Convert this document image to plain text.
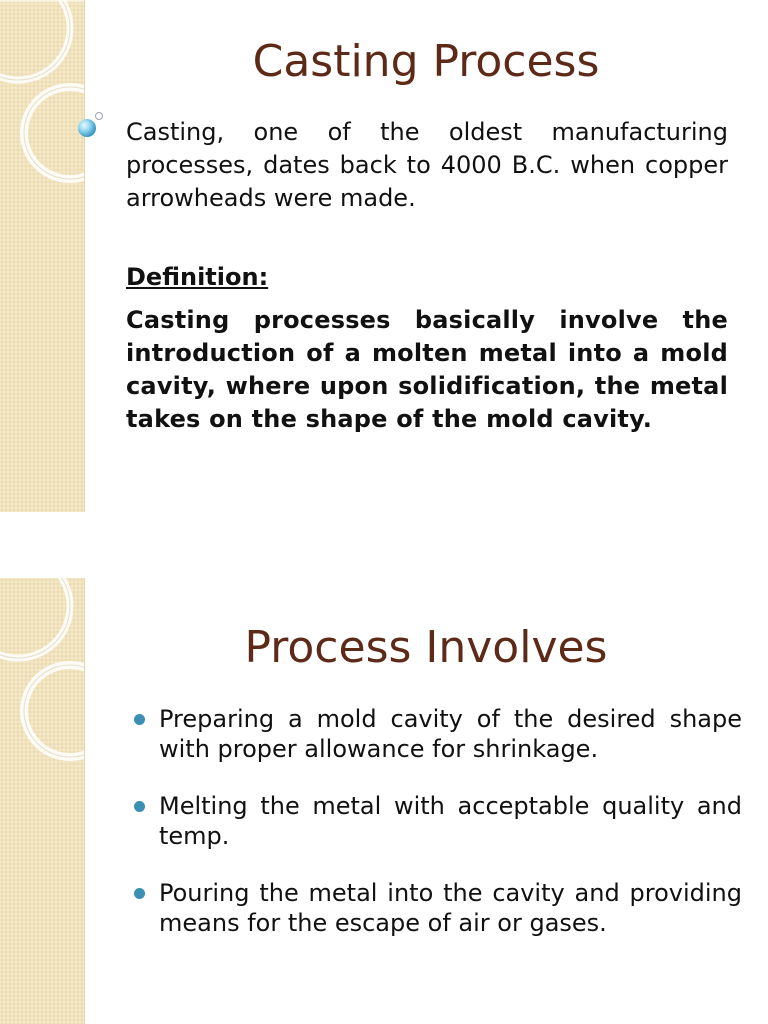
Casting Process

Casting, one of the oldest manufacturing processes, dates back to 4000 B.C. when copper arrowheads were made.

Definition:

Casting processes basically involve the introduction of a molten metal into a mold cavity, where upon solidification, the metal takes on the shape of the mold cavity.

Process Involves
Preparing a mold cavity of the desired shape with proper allowance for shrinkage.
Melting the metal with acceptable quality and temp.
Pouring the metal into the cavity and providing means for the escape of air or gases.
